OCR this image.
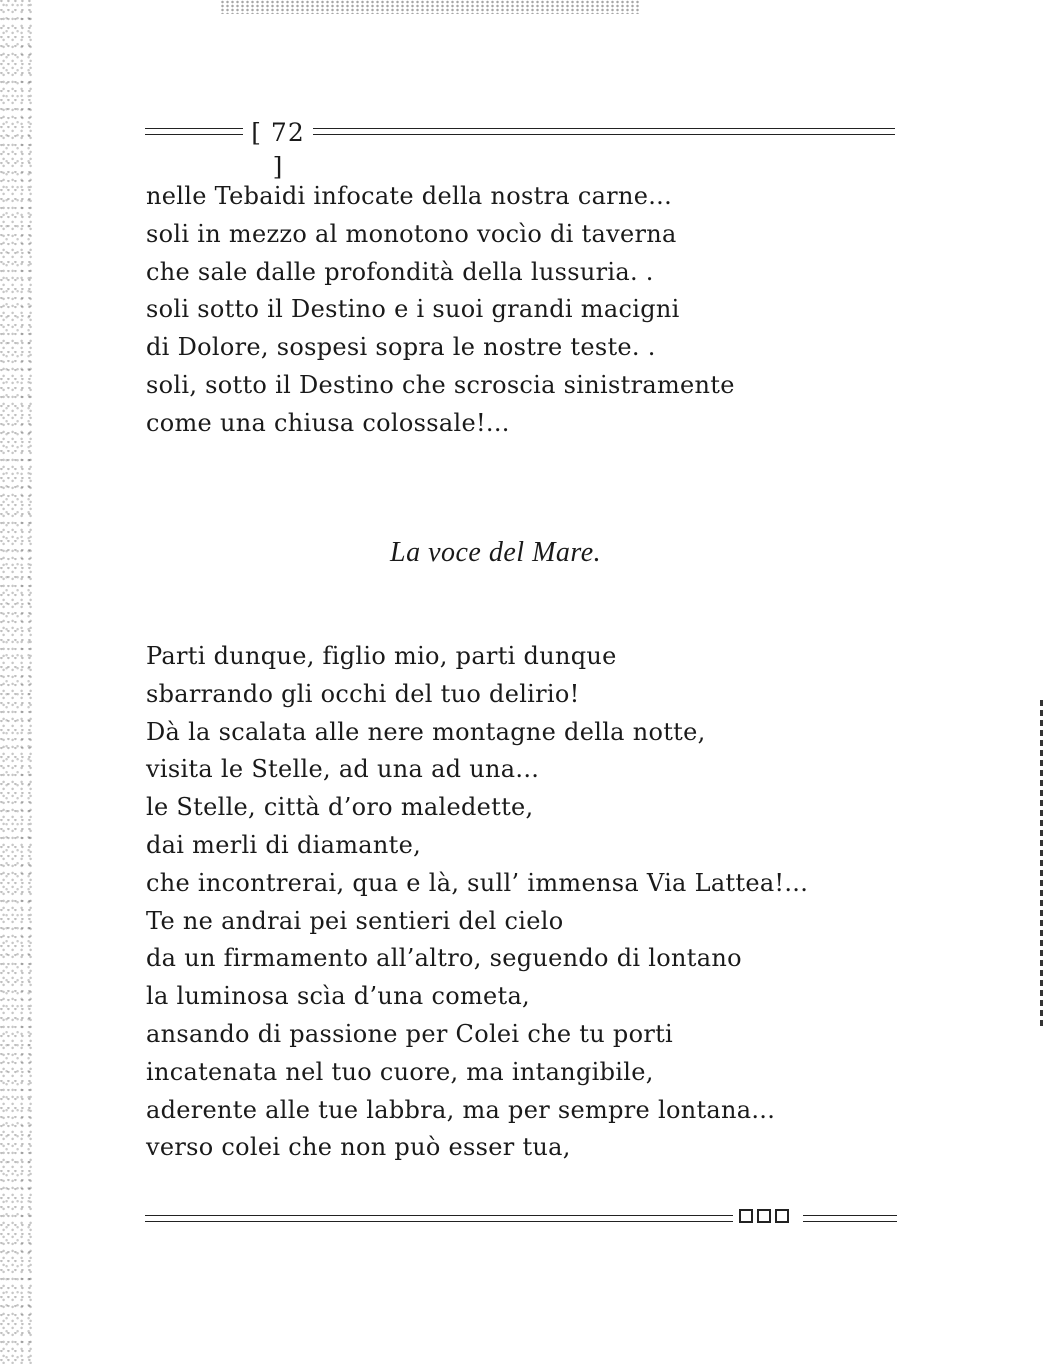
[ 72 ]
nelle Tebaidi infocate della nostra carne...
soli in mezzo al monotono vocìo di taverna
che sale dalle profondità della lussuria. .
soli sotto il Destino e i suoi grandi macigni
di Dolore, sospesi sopra le nostre teste. .
soli, sotto il Destino che scroscia sinistramente
come una chiusa colossale!...
La voce del Mare.
Parti dunque, figlio mio, parti dunque
sbarrando gli occhi del tuo delirio!
Dà la scalata alle nere montagne della notte,
visita le Stelle, ad una ad una...
le Stelle, città d’oro maledette,
dai merli di diamante,
che incontrerai, qua e là, sull’ immensa Via Lattea!...
Te ne andrai pei sentieri del cielo
da un firmamento all’altro, seguendo di lontano
la luminosa scìa d’una cometa,
ansando di passione per Colei che tu porti
incatenata nel tuo cuore, ma intangibile,
aderente alle tue labbra, ma per sempre lontana...
verso colei che non può esser tua,
